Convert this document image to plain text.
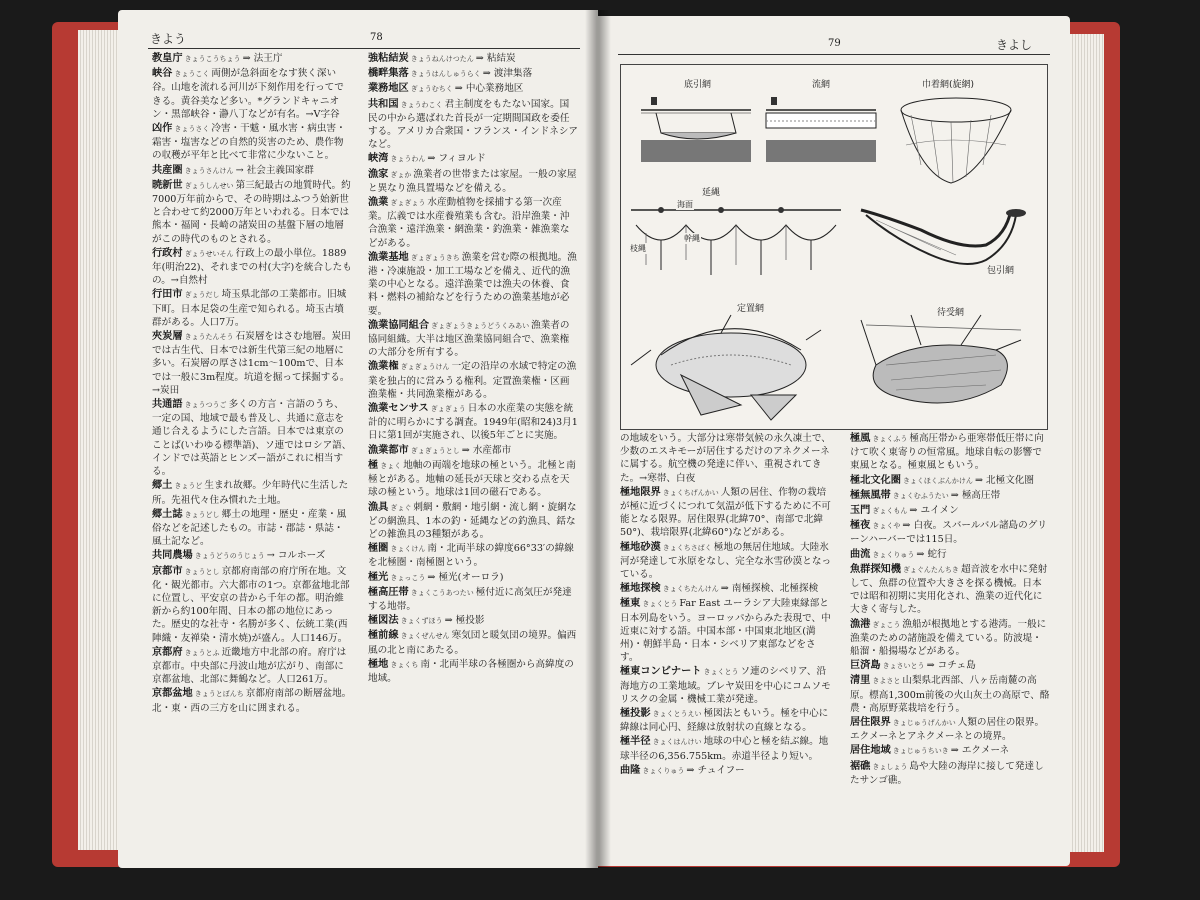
きよう	78
教皇庁 きょうこうちょう ⇒ 法王庁
峡谷 きょうこく 両側が急斜面をなす狭く深い谷。山地を流れる河川が下刻作用を行ってできる。黄谷美など多い。*グランドキャニオン・黒部峡谷・瀞八丁などが有名。→V字谷
凶作 きょうさく 冷害・干魃・風水害・病虫害・霜害・塩害などの自然的災害のため、農作物の収穫が平年と比べて非常に少ないこと。
共産圏 きょうさんけん → 社会主義国家群
暁新世 ぎょうしんせい 第三紀最古の地質時代。約7000万年前からで、その時期はふつう始新世と合わせて約2000万年といわれる。日本では熊本・福岡・長崎の諸炭田の基盤下層の地層がこの時代のものとされる。
行政村 ぎょうせいそん 行政上の最小単位。1889年(明治22)、それまでの村(大字)を統合したもの。→自然村
行田市 ぎょうだし 埼玉県北部の工業都市。旧城下町。日本足袋の生産で知られる。埼玉古墳群がある。人口7万。
夾炭層 きょうたんそう 石炭層をはさむ地層。炭田では古生代、日本では新生代第三紀の地層に多い。石炭層の厚さは1cm〜100mで、日本では一般に3m程度。坑道を掘って採掘する。→炭田
共通語 きょうつうご 多くの方言・言語のうち、一定の国、地域で最も普及し、共通に意志を通じ合えるようにした言語。日本では東京のことば(いわゆる標準語)、ソ連ではロシア語、インドでは英語とヒンズー語がこれに相当する。
郷土 きょうど 生まれ故郷。少年時代に生活した所。先祖代々住み慣れた土地。
郷土誌 きょうどし 郷土の地理・歴史・産業・風俗などを記述したもの。市誌・郡誌・県誌・風土記など。
共同農場 きょうどうのうじょう → コルホーズ
京都市 きょうとし 京都府南部の府庁所在地。文化・観光都市。六大都市の1つ。京都盆地北部に位置し、平安京の昔から千年の都。明治維新から約100年間、日本の都の地位にあった。歴史的な社寺・名勝が多く、伝統工業(西陣織・友禅染・清水焼)が盛ん。人口146万。
京都府 きょうとふ 近畿地方中北部の府。府庁は京都市。中央部に丹波山地が広がり、南部に京都盆地、北部に舞鶴など。人口261万。
京都盆地 きょうとぼんち 京都府南部の断層盆地。北・東・西の三方を山に囲まれる。
強粘結炭 きょうねんけつたん ⇒ 粘結炭
橋畔集落 きょうはんしゅうらく ⇒ 渡津集落
業務地区 ぎょうむちく ⇒ 中心業務地区
共和国 きょうわこく 君主制度をもたない国家。国民の中から選ばれた首長が一定期間国政を委任する。アメリカ合衆国・フランス・インドネシアなど。
峡湾 きょうわん ⇒ フィヨルド
漁家 ぎょか 漁業者の世帯または家屋。一般の家屋と異なり漁具置場などを備える。
漁業 ぎょぎょう 水産動植物を採捕する第一次産業。広義では水産養殖業も含む。沿岸漁業・沖合漁業・遠洋漁業・網漁業・釣漁業・雑漁業などがある。
漁業基地 ぎょぎょうきち 漁業を営む際の根拠地。漁港・冷凍施設・加工工場などを備え、近代的漁業の中心となる。遠洋漁業では漁夫の休養、食料・燃料の補給などを行うための漁業基地が必要。
漁業協同組合 ぎょぎょうきょうどうくみあい 漁業者の協同組織。大半は地区漁業協同組合で、漁業権の大部分を所有する。
漁業権 ぎょぎょうけん 一定の沿岸の水域で特定の漁業を独占的に営みうる権利。定置漁業権・区画漁業権・共同漁業権がある。
漁業センサス ぎょぎょう 日本の水産業の実態を統計的に明らかにする調査。1949年(昭和24)3月1日に第1回が実施され、以後5年ごとに実施。
漁業都市 ぎょぎょうとし ⇒ 水産都市
極 きょく 地軸の両端を地球の極という。北極と南極とがある。地軸の延長が天球と交わる点を天球の極という。地球は1回の磁石である。
漁具 ぎょぐ 刺網・敷網・地引網・流し網・旋網などの網漁具、1本の釣・延縄などの釣漁具、銛などの雑漁具の3種類がある。
極圏 きょくけん 南・北両半球の緯度66°33′の緯線を北極圏・南極圏という。
極光 きょっこう ⇒ 極光(オーロラ)
極高圧帯 きょくこうあつたい 極付近に高気圧が発達する地帯。
極図法 きょくずほう ⇒ 極投影
極前線 きょくぜんせん 寒気団と暖気団の境界。偏西風の北と南にあたる。
極地 きょくち 南・北両半球の各極圏から高緯度の地域。
79	きよし
底引網	流網	巾着網(旋網)
延縄
海面
枝縄
幹縄
包引網
定置網	待受網
の地域をいう。大部分は寒帯気候の永久凍土で、少数のエスキモーが居住するだけのアネクメーネに属する。航空機の発達に伴い、重視されてきた。→寒帯、白夜
極地限界 きょくちげんかい 人類の居住、作物の栽培が極に近づくにつれて気温が低下するために不可能となる限界。居住限界(北緯70°、南部で北緯50°)、栽培限界(北緯60°)などがある。
極地砂漠 きょくちさばく 極地の無居住地域。大陸氷河が発達して氷原をなし、完全な氷雪砂漠となっている。
極地探検 きょくちたんけん ⇒ 南極探検、北極探検
極東 きょくとう Far East ユーラシア大陸東縁部と日本列島をいう。ヨーロッパからみた表現で、中近東に対する語。中国本部・中国東北地区(満州)・朝鮮半島・日本・シベリア東部などをさす。
極東コンビナート きょくとう ソ連のシベリア、沿海地方の工業地域。ブレヤ炭田を中心にコムソモリスクの金属・機械工業が発達。
極投影 きょくとうえい 極図法ともいう。極を中心に緯線は同心円、経線は放射状の直線となる。
極半径 きょくはんけい 地球の中心と極を結ぶ線。地球半径の6,356.755km。赤道半径より短い。
曲隆 きょくりゅう ⇒ チュイフー
極風 きょくふう 極高圧帯から亜寒帯低圧帯に向けて吹く東寄りの恒常風。地球自転の影響で東風となる。極東風ともいう。
極北文化圏 きょくほくぶんかけん ⇒ 北極文化圏
極無風帯 きょくむふうたい ⇒ 極高圧帯
玉門 ぎょくもん ⇒ ユイメン
極夜 きょくや ⇒ 白夜。スバールバル諸島のグリーンハーバーでは115日。
曲流 きょくりゅう ⇒ 蛇行
魚群探知機 ぎょぐんたんちき 超音波を水中に発射して、魚群の位置や大きさを探る機械。日本では昭和初期に実用化され、漁業の近代化に大きく寄与した。
漁港 ぎょこう 漁船が根拠地とする港湾。一般に漁業のための諸施設を備えている。防波堤・船溜・船揚場などがある。
巨済島 きょさいとう ⇒ コチェ島
清里 きよさと 山梨県北西部、八ヶ岳南麓の高原。標高1,300m前後の火山灰土の高原で、酪農・高原野菜栽培を行う。
居住限界 きょじゅうげんかい 人類の居住の限界。エクメーネとアネクメーネとの境界。
居住地域 きょじゅうちいき ⇒ エクメーネ
裾礁 きょしょう 島や大陸の海岸に接して発達したサンゴ礁。
